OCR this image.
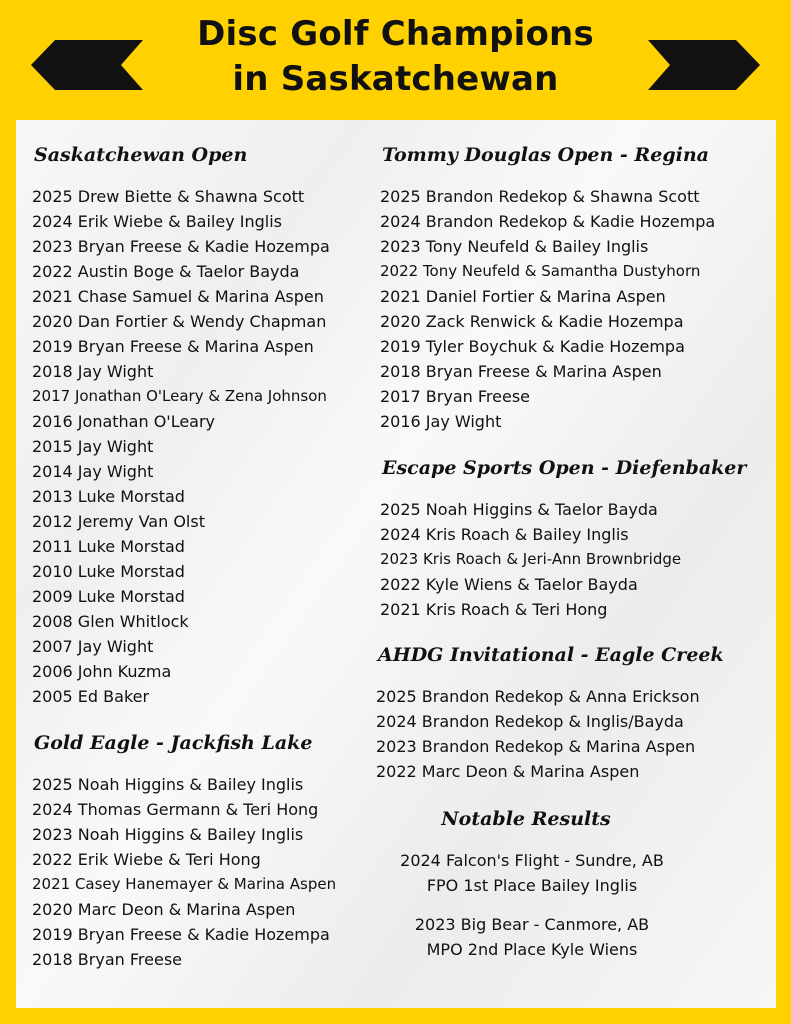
Disc Golf Champions
in Saskatchewan
Saskatchewan Open
2025 Drew Biette & Shawna Scott
2024 Erik Wiebe & Bailey Inglis
2023 Bryan Freese & Kadie Hozempa
2022 Austin Boge & Taelor Bayda
2021 Chase Samuel & Marina Aspen
2020 Dan Fortier & Wendy Chapman
2019 Bryan Freese & Marina Aspen
2018 Jay Wight
2017 Jonathan O'Leary & Zena Johnson
2016 Jonathan O'Leary
2015 Jay Wight
2014 Jay Wight
2013 Luke Morstad
2012 Jeremy Van Olst
2011 Luke Morstad
2010 Luke Morstad
2009 Luke Morstad
2008 Glen Whitlock
2007 Jay Wight
2006 John Kuzma
2005 Ed Baker
Gold Eagle - Jackfish Lake
2025 Noah Higgins & Bailey Inglis
2024 Thomas Germann & Teri Hong
2023 Noah Higgins & Bailey Inglis
2022 Erik Wiebe & Teri Hong
2021 Casey Hanemayer & Marina Aspen
2020 Marc Deon & Marina Aspen
2019 Bryan Freese & Kadie Hozempa
2018 Bryan Freese
Tommy Douglas Open - Regina
2025 Brandon Redekop & Shawna Scott
2024 Brandon Redekop & Kadie Hozempa
2023 Tony Neufeld & Bailey Inglis
2022 Tony Neufeld & Samantha Dustyhorn
2021 Daniel Fortier & Marina Aspen
2020 Zack Renwick & Kadie Hozempa
2019 Tyler Boychuk & Kadie Hozempa
2018 Bryan Freese & Marina Aspen
2017 Bryan Freese
2016 Jay Wight
Escape Sports Open - Diefenbaker
2025 Noah Higgins & Taelor Bayda
2024 Kris Roach & Bailey Inglis
2023 Kris Roach & Jeri-Ann Brownbridge
2022 Kyle Wiens & Taelor Bayda
2021 Kris Roach & Teri Hong
AHDG Invitational - Eagle Creek
2025 Brandon Redekop & Anna Erickson
2024 Brandon Redekop & Inglis/Bayda
2023 Brandon Redekop & Marina Aspen
2022 Marc Deon & Marina Aspen
Notable Results
2024 Falcon's Flight - Sundre, AB
FPO 1st Place Bailey Inglis
2023 Big Bear - Canmore, AB
MPO 2nd Place Kyle Wiens
